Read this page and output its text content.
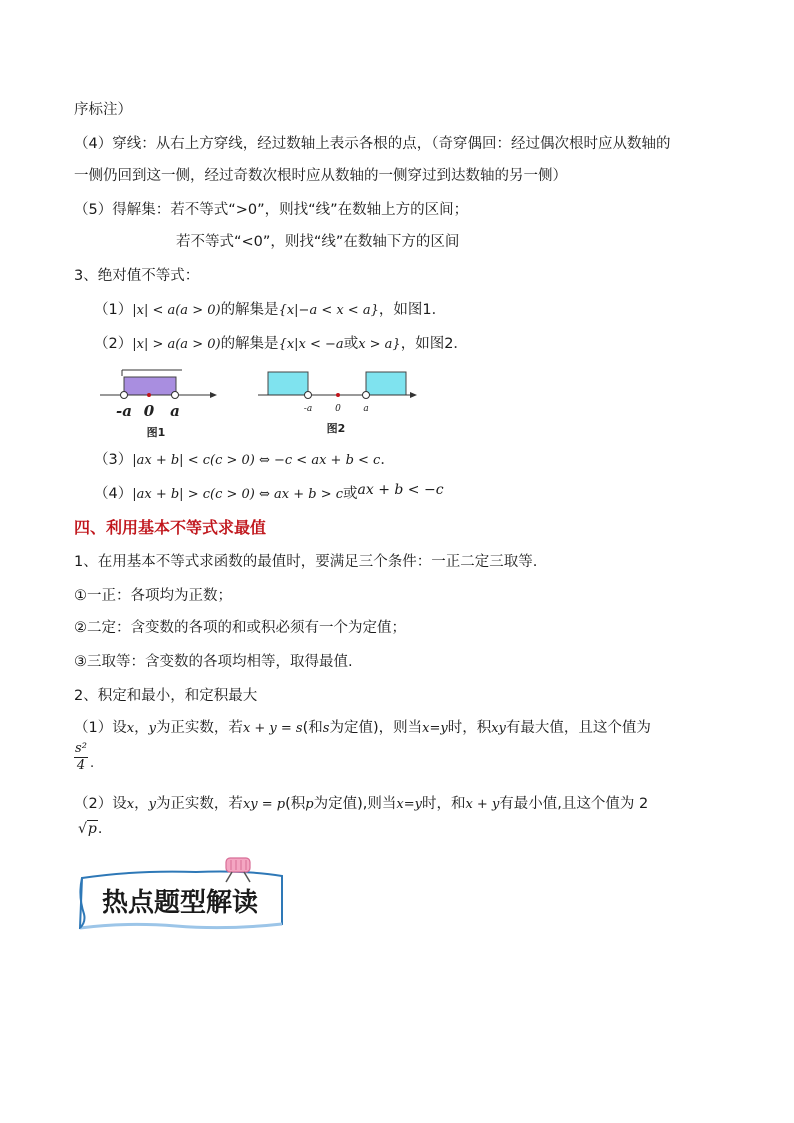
序标注）
（4）穿线：从右上方穿线，经过数轴上表示各根的点，（奇穿偶回：经过偶次根时应从数轴的
一侧仍回到这一侧，经过奇数次根时应从数轴的一侧穿过到达数轴的另一侧）
（5）得解集：若不等式“>0”，则找“线”在数轴上方的区间；
若不等式“<0”，则找“线”在数轴下方的区间
3、绝对值不等式：
（1）|x| < a(a > 0)的解集是{x|−a < x < a}，如图1．
（2）|x| > a(a > 0)的解集是{x|x < −a或x > a}，如图2．
-a 0 a
图1
-a	0 a
图2
（3）|ax + b| < c(c > 0) ⇔ −c < ax + b < c．
（4）|ax + b| > c(c > 0) ⇔ ax + b > c或ax + b < −c
四、利用基本不等式求最值
1、在用基本不等式求函数的最值时，要满足三个条件：一正二定三取等.
①一正：各项均为正数；
②二定：含变数的各项的和或积必须有一个为定值；
③三取等：含变数的各项均相等，取得最值.
2、积定和最小，和定积最大
（1）设x，y为正实数，若x + y = s(和s为定值)，则当x=y时，积xy有最大值，且这个值为
s²
4 .
（2）设x，y为正实数，若xy = p(积p为定值),则当x=y时，和x + y有最小值,且这个值为 2
√p.
热点题型解读
